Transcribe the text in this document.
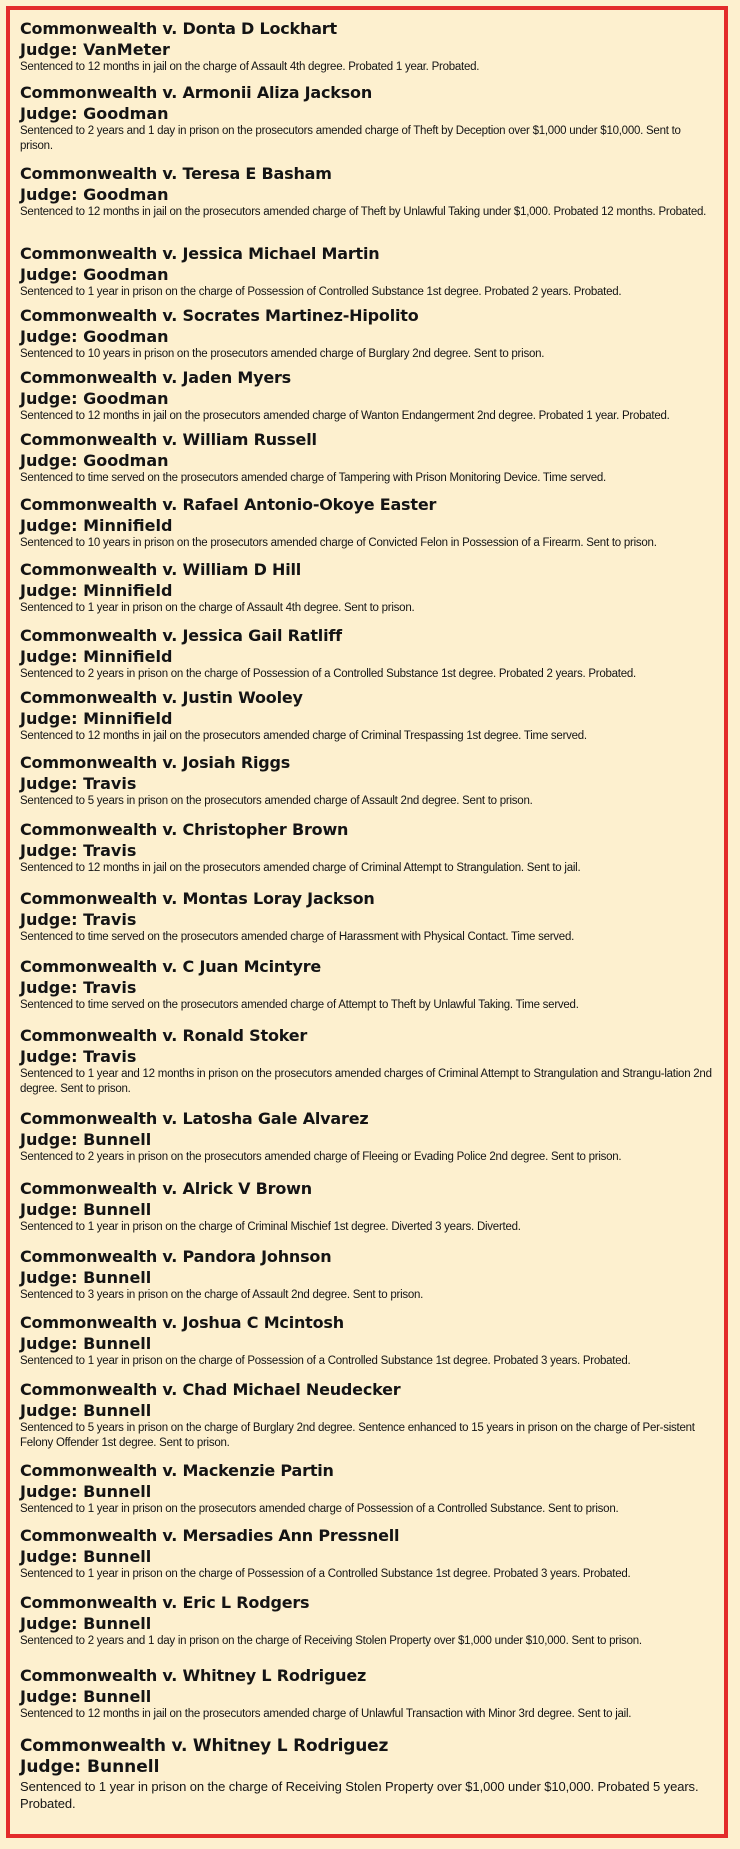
Commonwealth v. Donta D Lockhart
Judge: VanMeter
Sentenced to 12 months in jail on the charge of Assault 4th degree. Probated 1 year. Probated.
Commonwealth v. Armonii Aliza Jackson
Judge: Goodman
Sentenced to 2 years and 1 day in prison on the prosecutors amended charge of Theft by Deception over $1,000 under $10,000. Sent to prison.
Commonwealth v. Teresa E Basham
Judge: Goodman
Sentenced to 12 months in jail on the prosecutors amended charge of Theft by Unlawful Taking under $1,000. Probated 12 months. Probated.
Commonwealth v. Jessica Michael Martin
Judge: Goodman
Sentenced to 1 year in prison on the charge of Possession of Controlled Substance 1st degree. Probated 2 years. Probated.
Commonwealth v. Socrates Martinez-Hipolito
Judge: Goodman
Sentenced to 10 years in prison on the prosecutors amended charge of Burglary 2nd degree. Sent to prison.
Commonwealth v. Jaden Myers
Judge: Goodman
Sentenced to 12 months in jail on the prosecutors amended charge of Wanton Endangerment 2nd degree. Probated 1 year. Probated.
Commonwealth v. William Russell
Judge: Goodman
Sentenced to time served on the prosecutors amended charge of Tampering with Prison Monitoring Device. Time served.
Commonwealth v. Rafael Antonio-Okoye Easter
Judge: Minnifield
Sentenced to 10 years in prison on the prosecutors amended charge of Convicted Felon in Possession of a Firearm. Sent to prison.
Commonwealth v. William D Hill
Judge: Minnifield
Sentenced to 1 year in prison on the charge of Assault 4th degree. Sent to prison.
Commonwealth v. Jessica Gail Ratliff
Judge: Minnifield
Sentenced to 2 years in prison on the charge of Possession of a Controlled Substance 1st degree. Probated 2 years. Probated.
Commonwealth v. Justin Wooley
Judge: Minnifield
Sentenced to 12 months in jail on the prosecutors amended charge of Criminal Trespassing 1st degree. Time served.
Commonwealth v. Josiah Riggs
Judge: Travis
Sentenced to 5 years in prison on the prosecutors amended charge of Assault 2nd degree. Sent to prison.
Commonwealth v. Christopher Brown
Judge: Travis
Sentenced to 12 months in jail on the prosecutors amended charge of Criminal Attempt to Strangulation. Sent to jail.
Commonwealth v. Montas Loray Jackson
Judge: Travis
Sentenced to time served on the prosecutors amended charge of Harassment with Physical Contact. Time served.
Commonwealth v. C Juan Mcintyre
Judge: Travis
Sentenced to time served on the prosecutors amended charge of Attempt to Theft by Unlawful Taking. Time served.
Commonwealth v. Ronald Stoker
Judge: Travis
Sentenced to 1 year and 12 months in prison on the prosecutors amended charges of Criminal Attempt to Strangulation and Strangu-lation 2nd degree. Sent to prison.
Commonwealth v. Latosha Gale Alvarez
Judge: Bunnell
Sentenced to 2 years in prison on the prosecutors amended charge of Fleeing or Evading Police 2nd degree. Sent to prison.
Commonwealth v. Alrick V Brown
Judge: Bunnell
Sentenced to 1 year in prison on the charge of Criminal Mischief 1st degree. Diverted 3 years. Diverted.
Commonwealth v. Pandora Johnson
Judge: Bunnell
Sentenced to 3 years in prison on the charge of Assault 2nd degree. Sent to prison.
Commonwealth v. Joshua C Mcintosh
Judge: Bunnell
Sentenced to 1 year in prison on the charge of Possession of a Controlled Substance 1st degree. Probated 3 years. Probated.
Commonwealth v. Chad Michael Neudecker
Judge: Bunnell
Sentenced to 5 years in prison on the charge of Burglary 2nd degree. Sentence enhanced to 15 years in prison on the charge of Per-sistent Felony Offender 1st degree. Sent to prison.
Commonwealth v. Mackenzie Partin
Judge: Bunnell
Sentenced to 1 year in prison on the prosecutors amended charge of Possession of a Controlled Substance. Sent to prison.
Commonwealth v. Mersadies Ann Pressnell
Judge: Bunnell
Sentenced to 1 year in prison on the charge of Possession of a Controlled Substance 1st degree. Probated 3 years. Probated.
Commonwealth v. Eric L Rodgers
Judge: Bunnell
Sentenced to 2 years and 1 day in prison on the charge of Receiving Stolen Property over $1,000 under $10,000. Sent to prison.
Commonwealth v. Whitney L Rodriguez
Judge: Bunnell
Sentenced to 12 months in jail on the prosecutors amended charge of Unlawful Transaction with Minor 3rd degree. Sent to jail.
Commonwealth v. Whitney L Rodriguez
Judge: Bunnell
Sentenced to 1 year in prison on the charge of Receiving Stolen Property over $1,000 under $10,000. Probated 5 years. Probated.
